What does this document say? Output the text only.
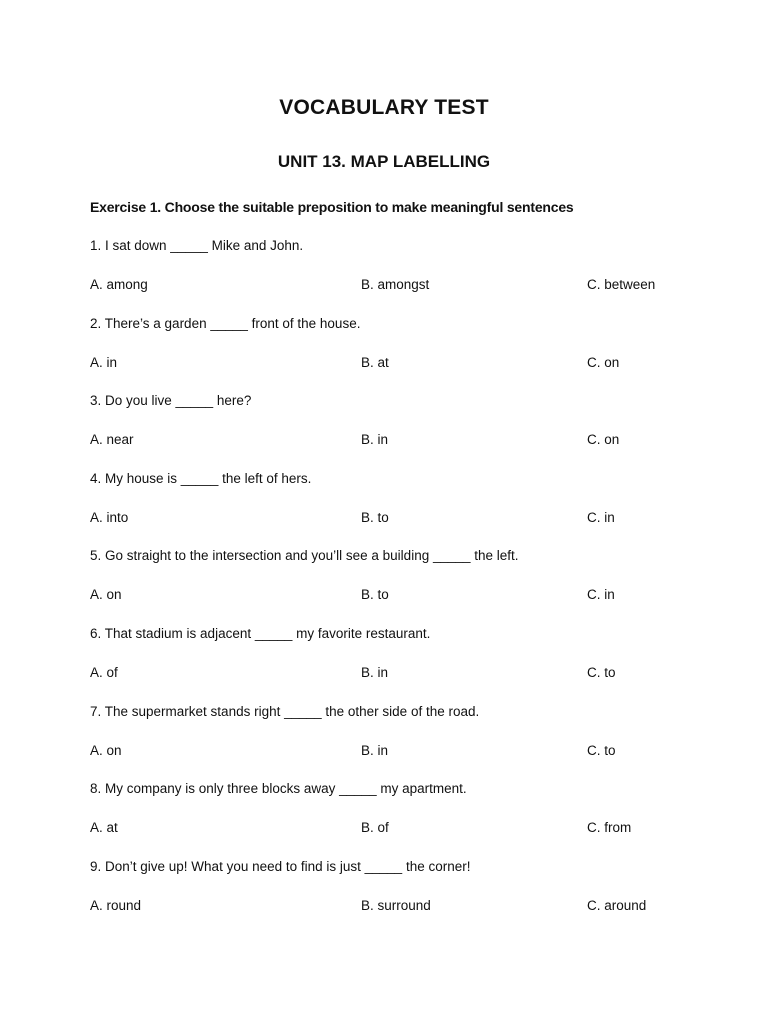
VOCABULARY TEST
UNIT 13. MAP LABELLING
Exercise 1. Choose the suitable preposition to make meaningful sentences
1. I sat down _____ Mike and John.
A. among	B. amongst	C. between
2. There’s a garden _____ front of the house.
A. in	B. at	C. on
3. Do you live _____ here?
A. near	B. in	C. on
4. My house is _____ the left of hers.
A. into	B. to	C. in
5. Go straight to the intersection and you’ll see a building _____ the left.
A. on	B. to	C. in
6. That stadium is adjacent _____ my favorite restaurant.
A. of	B. in	C. to
7. The supermarket stands right _____ the other side of the road.
A. on	B. in	C. to
8. My company is only three blocks away _____ my apartment.
A. at	B. of	C. from
9. Don’t give up! What you need to find is just _____ the corner!
A. round	B. surround	C. around
